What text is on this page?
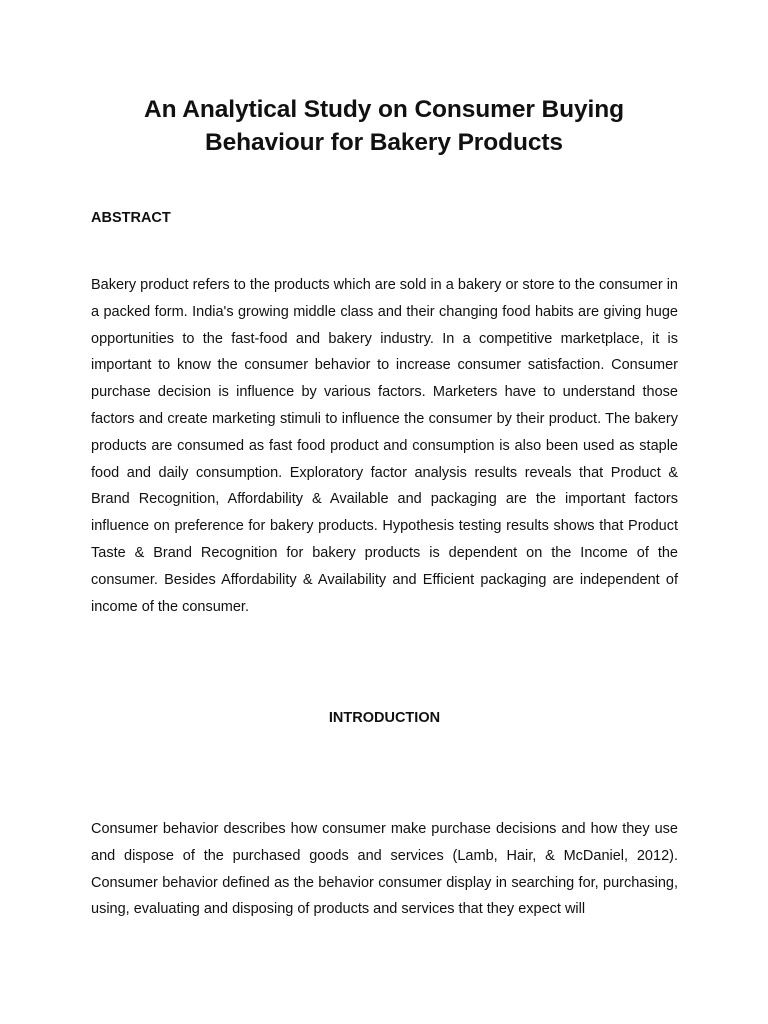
An Analytical Study on Consumer Buying Behaviour for Bakery Products
ABSTRACT

Bakery product refers to the products which are sold in a bakery or store to the consumer in a packed form. India's growing middle class and their changing food habits are giving huge opportunities to the fast-food and bakery industry. In a competitive marketplace, it is important to know the consumer behavior to increase consumer satisfaction. Consumer purchase decision is influence by various factors. Marketers have to understand those factors and create marketing stimuli to influence the consumer by their product. The bakery products are consumed as fast food product and consumption is also been used as staple food and daily consumption. Exploratory factor analysis results reveals that Product & Brand Recognition, Affordability & Available and packaging are the important factors influence on preference for bakery products. Hypothesis testing results shows that Product Taste & Brand Recognition for bakery products is dependent on the Income of the consumer. Besides Affordability & Availability and Efficient packaging are independent of income of the consumer.

INTRODUCTION

Consumer behavior describes how consumer make purchase decisions and how they use and dispose of the purchased goods and services (Lamb, Hair, & McDaniel, 2012). Consumer behavior defined as the behavior consumer display in searching for, purchasing, using, evaluating and disposing of products and services that they expect will
